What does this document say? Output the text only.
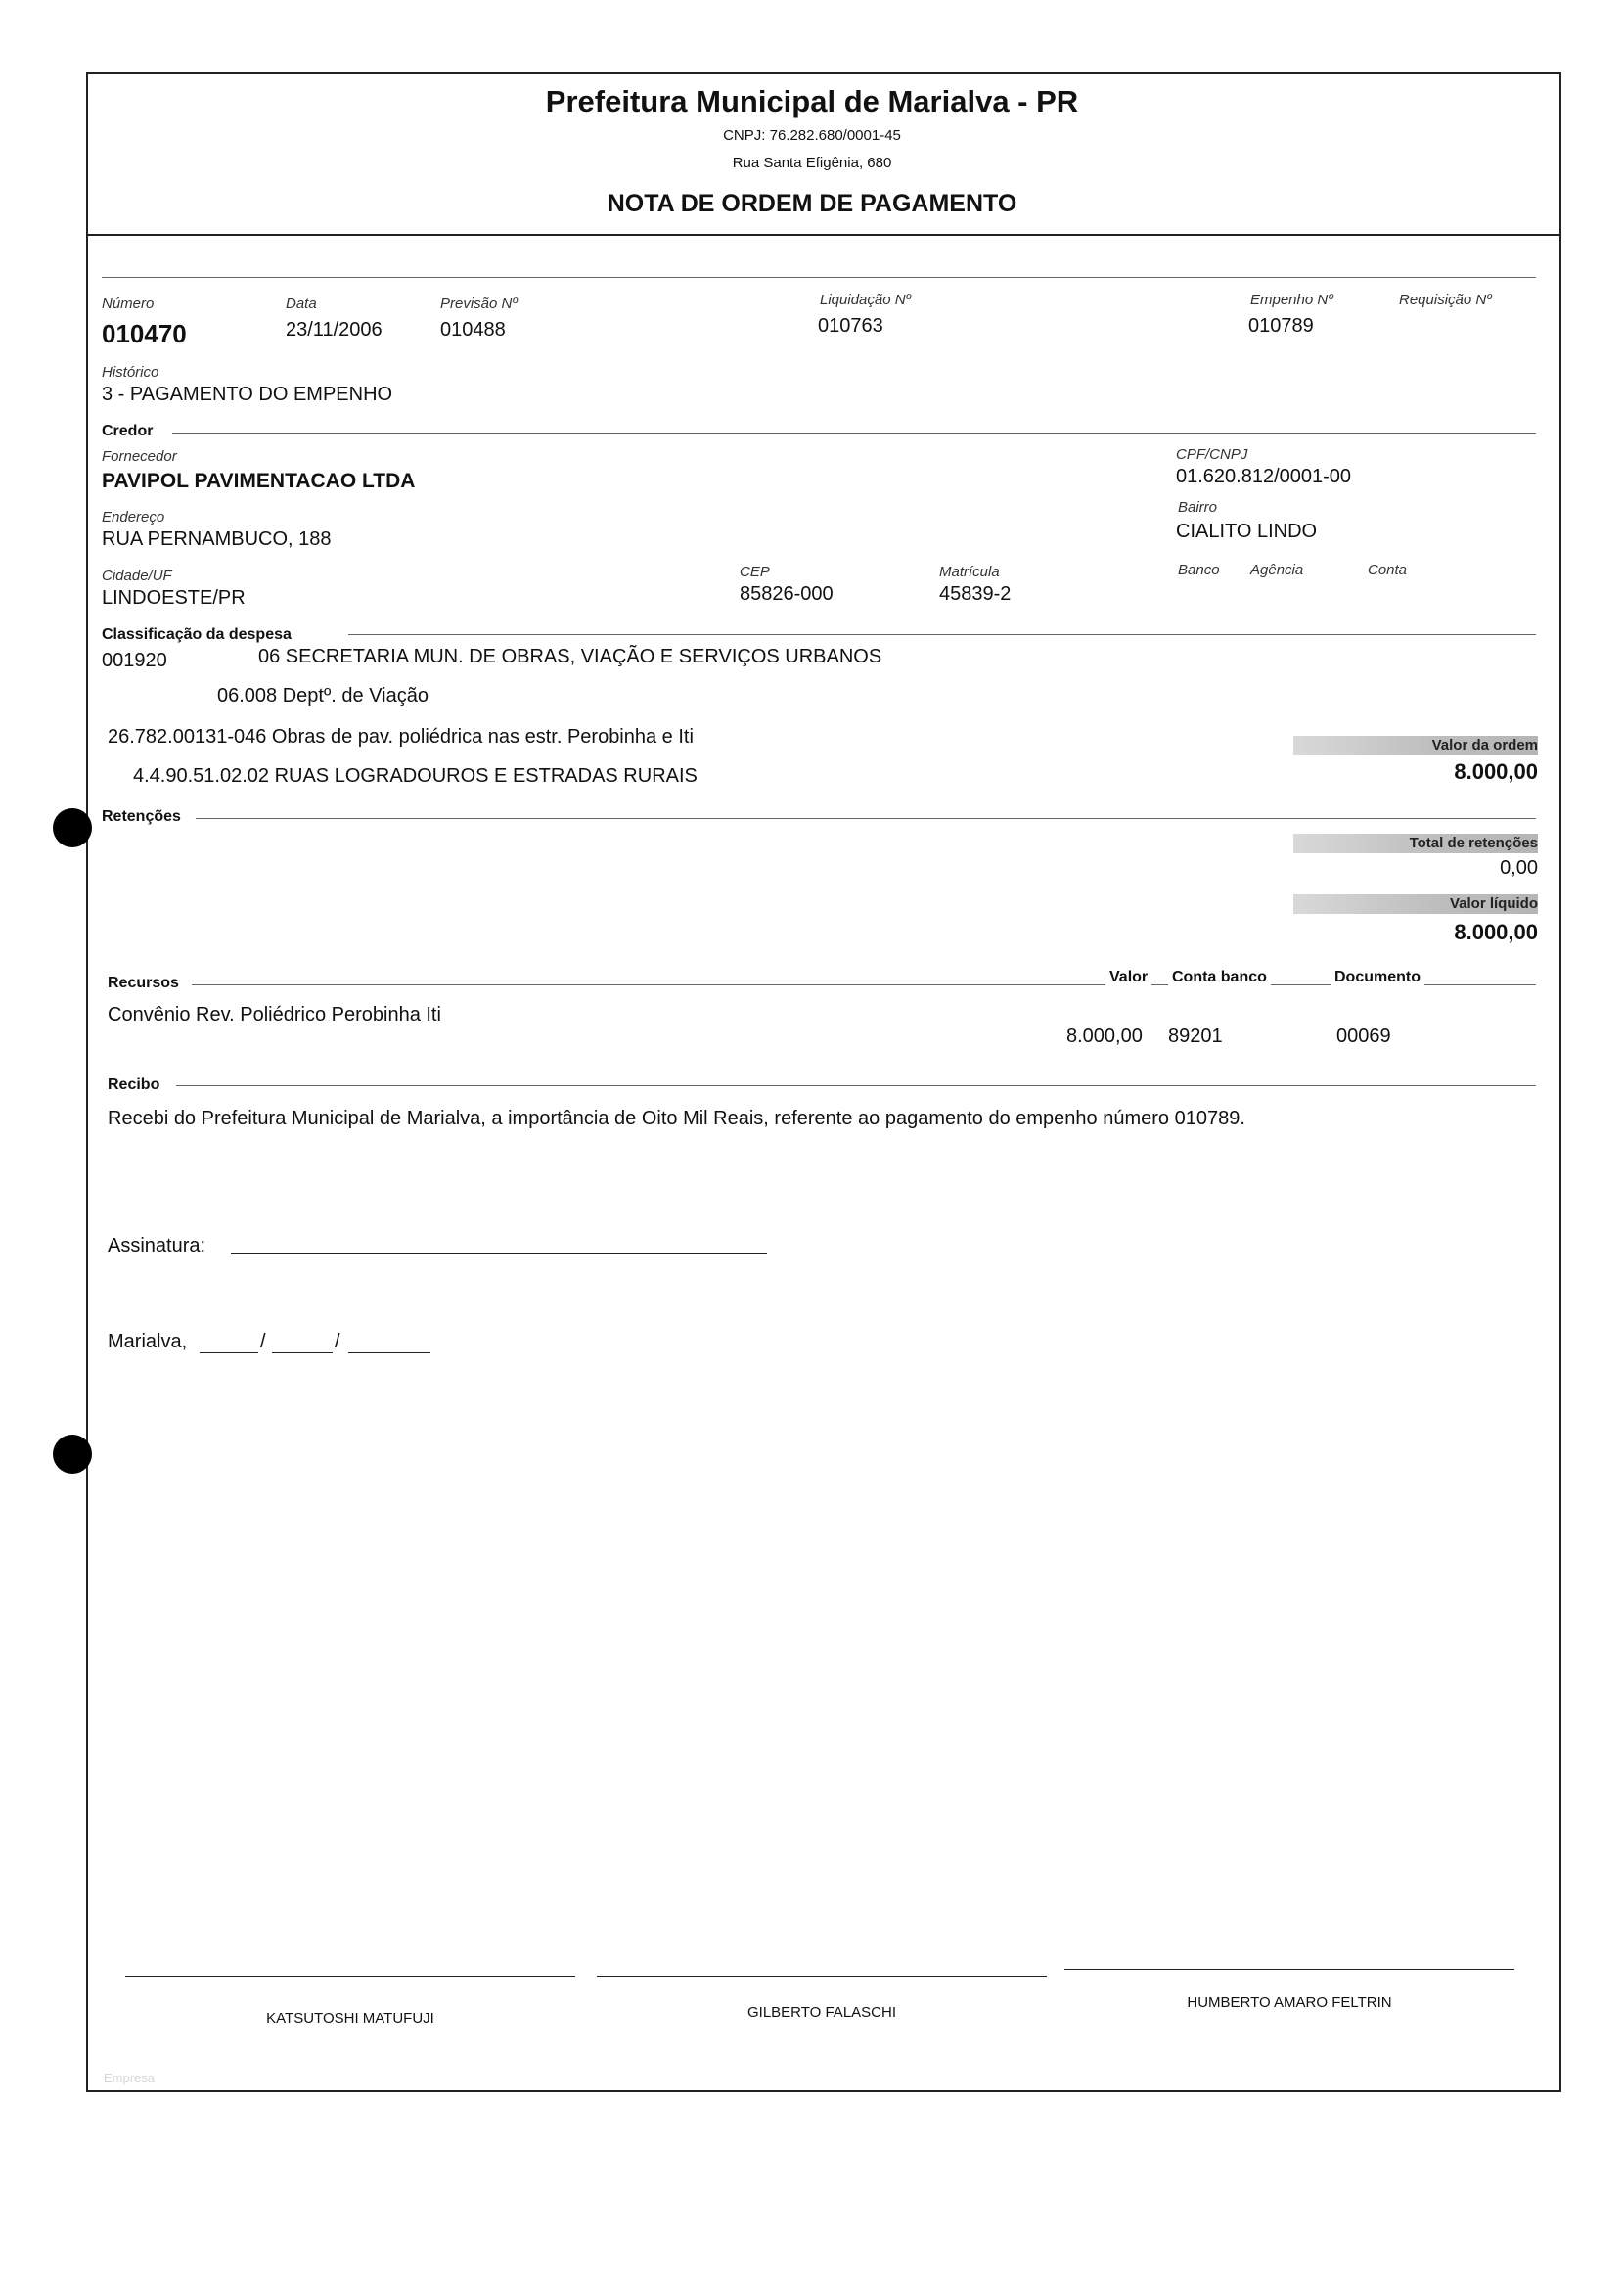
Prefeitura Municipal de Marialva - PR
CNPJ: 76.282.680/0001-45
Rua Santa Efigênia, 680
NOTA DE ORDEM DE PAGAMENTO
Número
010470
Data
23/11/2006
Previsão Nº
010488
Liquidação Nº
010763
Empenho Nº
010789
Requisição Nº
Histórico
3 - PAGAMENTO DO EMPENHO
Credor
Fornecedor
PAVIPOL PAVIMENTACAO LTDA
CPF/CNPJ
01.620.812/0001-00
Endereço
RUA PERNAMBUCO, 188
Bairro
CIALITO LINDO
Cidade/UF
LINDOESTE/PR
CEP
85826-000
Matrícula
45839-2
Banco Agência	Conta
Classificação da despesa
001920	06 SECRETARIA MUN. DE OBRAS, VIAÇÃO E SERVIÇOS URBANOS
06.008 Deptº. de Viação
26.782.00131-046 Obras de pav. poliédrica nas estr. Perobinha e Iti
4.4.90.51.02.02 RUAS LOGRADOUROS E ESTRADAS RURAIS
Valor da ordem
8.000,00
Retenções
Total de retenções
0,00
Valor líquido
8.000,00
Recursos	Valor Conta banco	Documento
Convênio Rev. Poliédrico Perobinha Iti
8.000,00 89201	00069
Recibo
Recebi do Prefeitura Municipal de Marialva, a importância de Oito Mil Reais, referente ao pagamento do empenho número 010789.
Assinatura:
Marialva,	/	/
KATSUTOSHI MATUFUJI	GILBERTO FALASCHI
HUMBERTO AMARO FELTRIN
Empresa
